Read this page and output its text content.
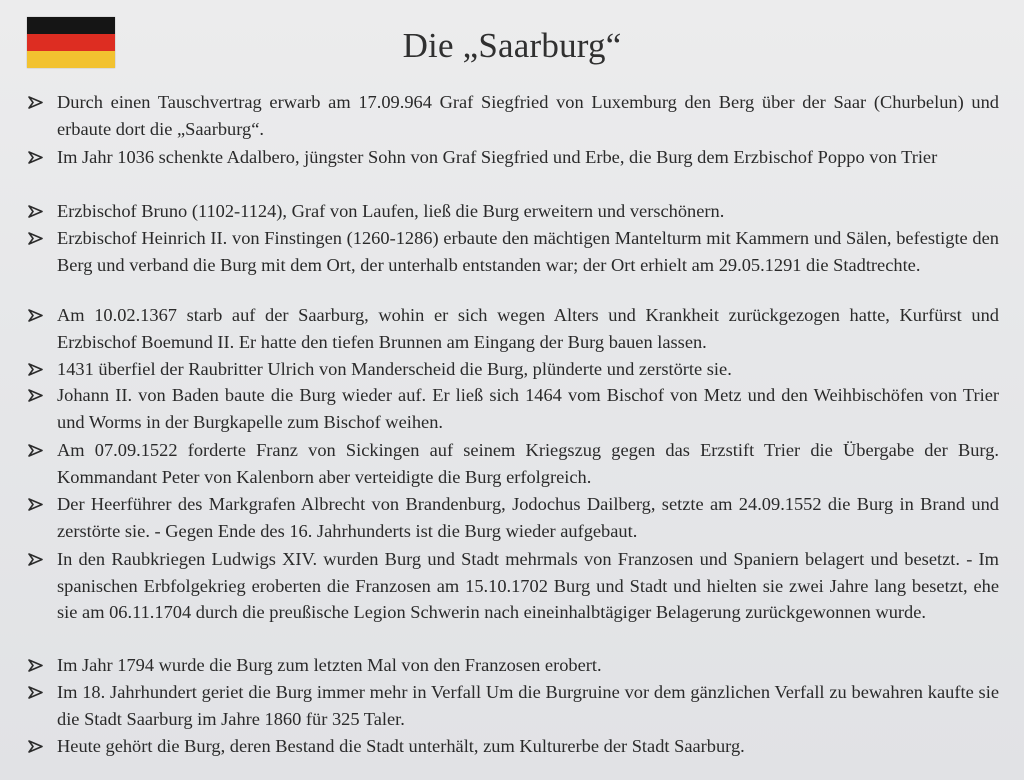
Die „Saarburg“
Durch einen Tauschvertrag erwarb am 17.09.964 Graf Siegfried von Luxemburg den Berg über der Saar (Churbelun) und erbaute dort die „Saarburg“.
Im Jahr 1036 schenkte Adalbero, jüngster Sohn von Graf Siegfried und Erbe, die Burg dem Erzbischof Poppo von Trier
Erzbischof Bruno (1102-1124), Graf von Laufen, ließ die Burg erweitern und verschönern.
Erzbischof Heinrich II. von Finstingen (1260-1286) erbaute den mächtigen Mantelturm mit Kammern und Sälen, befestigte den Berg und verband die Burg mit dem Ort, der unterhalb entstanden war; der Ort erhielt am 29.05.1291 die Stadtrechte.
Am 10.02.1367 starb auf der Saarburg, wohin er sich wegen Alters und Krankheit zurückgezogen hatte, Kurfürst und Erzbischof Boemund II. Er hatte den tiefen Brunnen am Eingang der Burg bauen lassen.
1431 überfiel der Raubritter Ulrich von Manderscheid die Burg, plünderte und zerstörte sie.
Johann II. von Baden baute die Burg wieder auf. Er ließ sich 1464 vom Bischof von Metz und den Weihbischöfen von Trier und Worms in der Burgkapelle zum Bischof weihen.
Am 07.09.1522 forderte Franz von Sickingen auf seinem Kriegszug gegen das Erzstift Trier die Übergabe der Burg. Kommandant Peter von Kalenborn aber verteidigte die Burg erfolgreich.
Der Heerführer des Markgrafen Albrecht von Brandenburg, Jodochus Dailberg, setzte am 24.09.1552 die Burg in Brand und zerstörte sie. - Gegen Ende des 16. Jahrhunderts ist die Burg wieder aufgebaut.
In den Raubkriegen Ludwigs XIV. wurden Burg und Stadt mehrmals von Franzosen und Spaniern belagert und besetzt. - Im spanischen Erbfolgekrieg eroberten die Franzosen am 15.10.1702 Burg und Stadt und hielten sie zwei Jahre lang besetzt, ehe sie am 06.11.1704 durch die preußische Legion Schwerin nach eineinhalbtägiger Belagerung zurückgewonnen wurde.
Im Jahr 1794 wurde die Burg zum letzten Mal von den Franzosen erobert.
Im 18. Jahrhundert geriet die Burg immer mehr in Verfall Um die Burgruine vor dem gänzlichen Verfall zu bewahren kaufte sie die Stadt Saarburg im Jahre 1860 für 325 Taler.
Heute gehört die Burg, deren Bestand die Stadt unterhält, zum Kulturerbe der Stadt Saarburg.
